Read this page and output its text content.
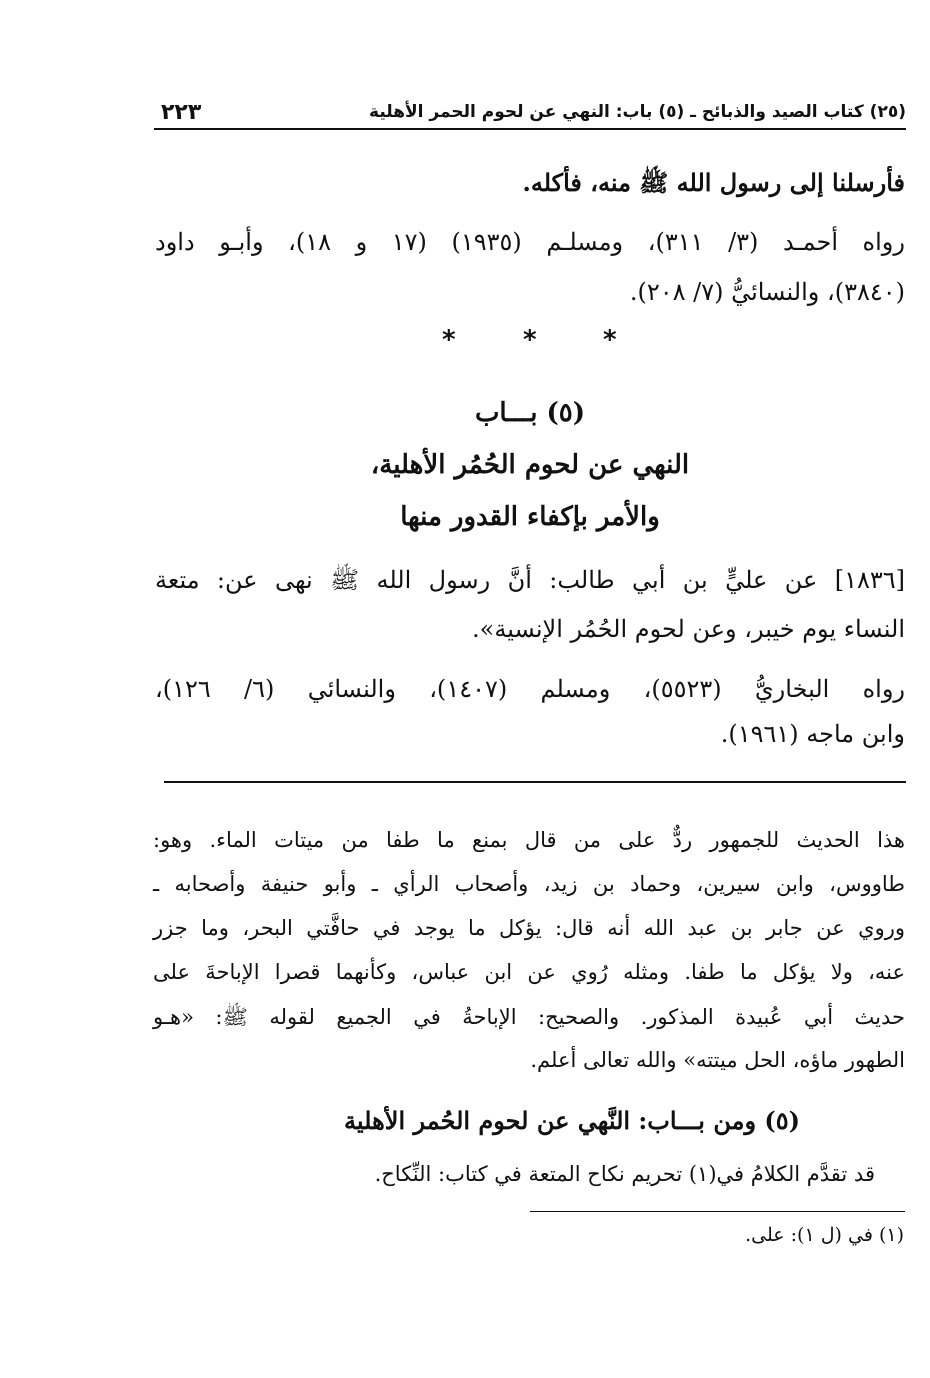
(٢٥) كتاب الصيد والذبائح ـ (٥) باب: النهي عن لحوم الحمر الأهلية
٢٢٣
فأرسلنا إلى رسول الله ﷺ منه، فأكله.
رواه أحمـد (٣/ ٣١١)، ومسلـم (١٩٣٥) (١٧ و ١٨)، وأبـو داود
(٣٨٤٠)، والنسائيُّ (٧/ ٢٠٨).
*
*
*
(٥) بـــاب
النهي عن لحوم الحُمُر الأهلية،
والأمر بإكفاء القدور منها
[١٨٣٦] عن عليٍّ بن أبي طالب: أنَّ رسول الله ﷺ نهى عن: متعة
النساء يوم خيبر، وعن لحوم الحُمُر الإنسية».
رواه البخاريُّ (٥٥٢٣)، ومسلم (١٤٠٧)، والنسائي (٦/ ١٢٦)،
وابن ماجه (١٩٦١).
هذا الحديث للجمهور ردٌّ على من قال بمنع ما طفا من ميتات الماء. وهو:
طاووس، وابن سيرين، وحماد بن زيد، وأصحاب الرأي ـ وأبو حنيفة وأصحابه ـ
وروي عن جابر بن عبد الله أنه قال: يؤكل ما يوجد في حافَّتي البحر، وما جزر
عنه، ولا يؤكل ما طفا. ومثله رُوي عن ابن عباس، وكأنهما قصرا الإباحةَ على
حديث أبي عُبيدة المذكور. والصحيح: الإباحةُ في الجميع لقوله ﷺ: «هـو
الطهور ماؤه، الحل ميتته» والله تعالى أعلم.
(٥) ومن بـــاب: النَّهي عن لحوم الحُمر الأهلية
قد تقدَّم الكلامُ في(١) تحريم نكاح المتعة في كتاب: النِّكاح.
(١) في (ل ١): على.
